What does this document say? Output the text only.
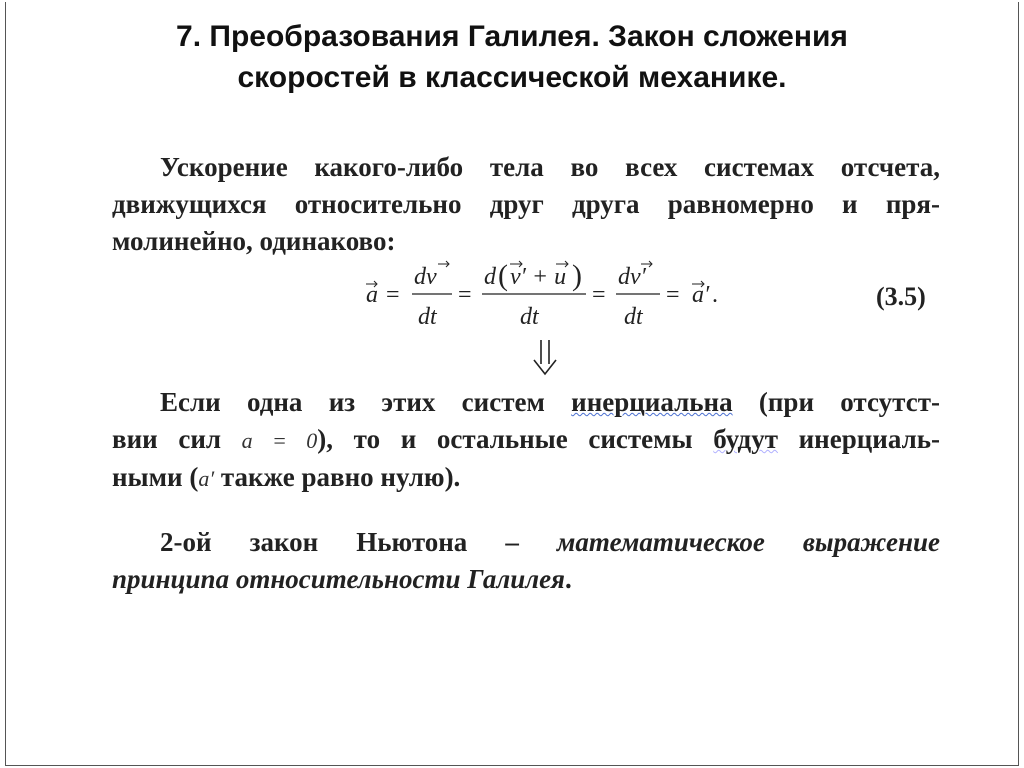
7. Преобразования Галилея. Закон сложения
скоростей в классической механике.
Ускорение какого-либо тела во всех системах отсчета,
движущихся относительно друг друга равномерно и пря-
молинейно, одинаково:
a =
dv
dt
=
d ( v′ + u )
dt
=
dv′
dt
= a′ .	(3.5)
Если одна из этих систем инерциальна (при отсутст-
вии сил a = 0), то и остальные системы будут инерциаль-
ными (a′ также равно нулю).
2-ой закон Ньютона – математическое выражение
принципа относительности Галилея.
